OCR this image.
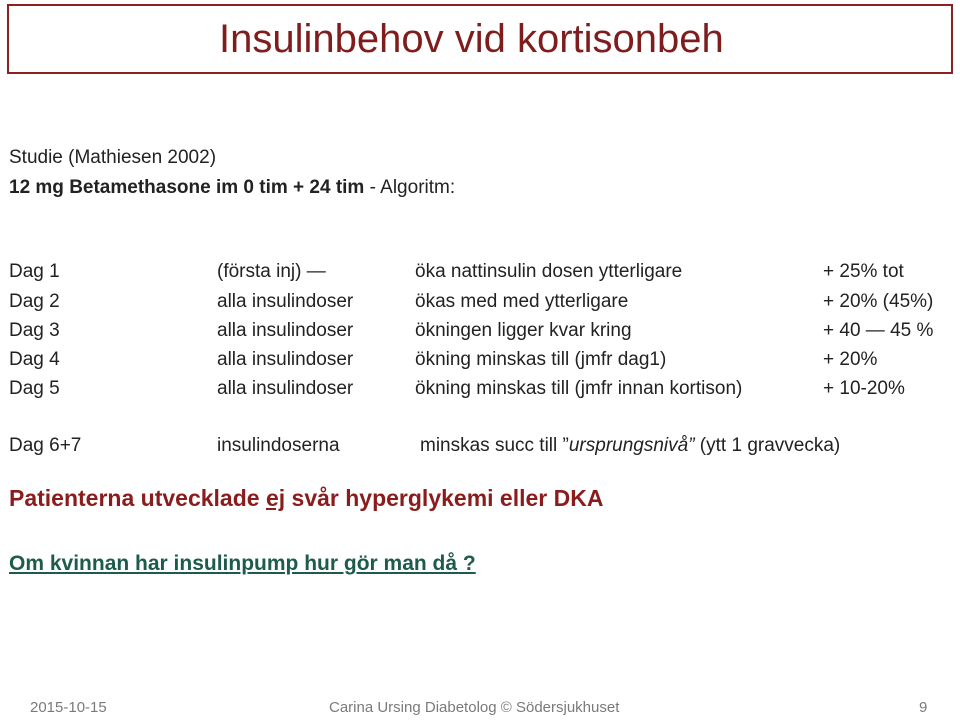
Insulinbehov vid kortisonbeh
Studie (Mathiesen 2002)
12 mg Betamethasone im 0 tim + 24 tim - Algoritm:
Dag 1	(första inj) —	öka nattinsulin dosen ytterligare	+ 25% tot
Dag 2	alla insulindoser	ökas med med ytterligare	+ 20% (45%)
Dag 3	alla insulindoser	ökningen ligger kvar kring	+ 40 — 45 %
Dag 4	alla insulindoser	ökning minskas till (jmfr dag1)	+ 20%
Dag 5	alla insulindoser	ökning minskas till (jmfr innan kortison)	+ 10-20%
Dag 6+7	insulindoserna	minskas succ till ”ursprungsnivå” (ytt 1 gravvecka)
Patienterna utvecklade ej svår hyperglykemi eller DKA
Om kvinnan har insulinpump hur gör man då ?
2015-10-15	Carina Ursing Diabetolog © Södersjukhuset	9
